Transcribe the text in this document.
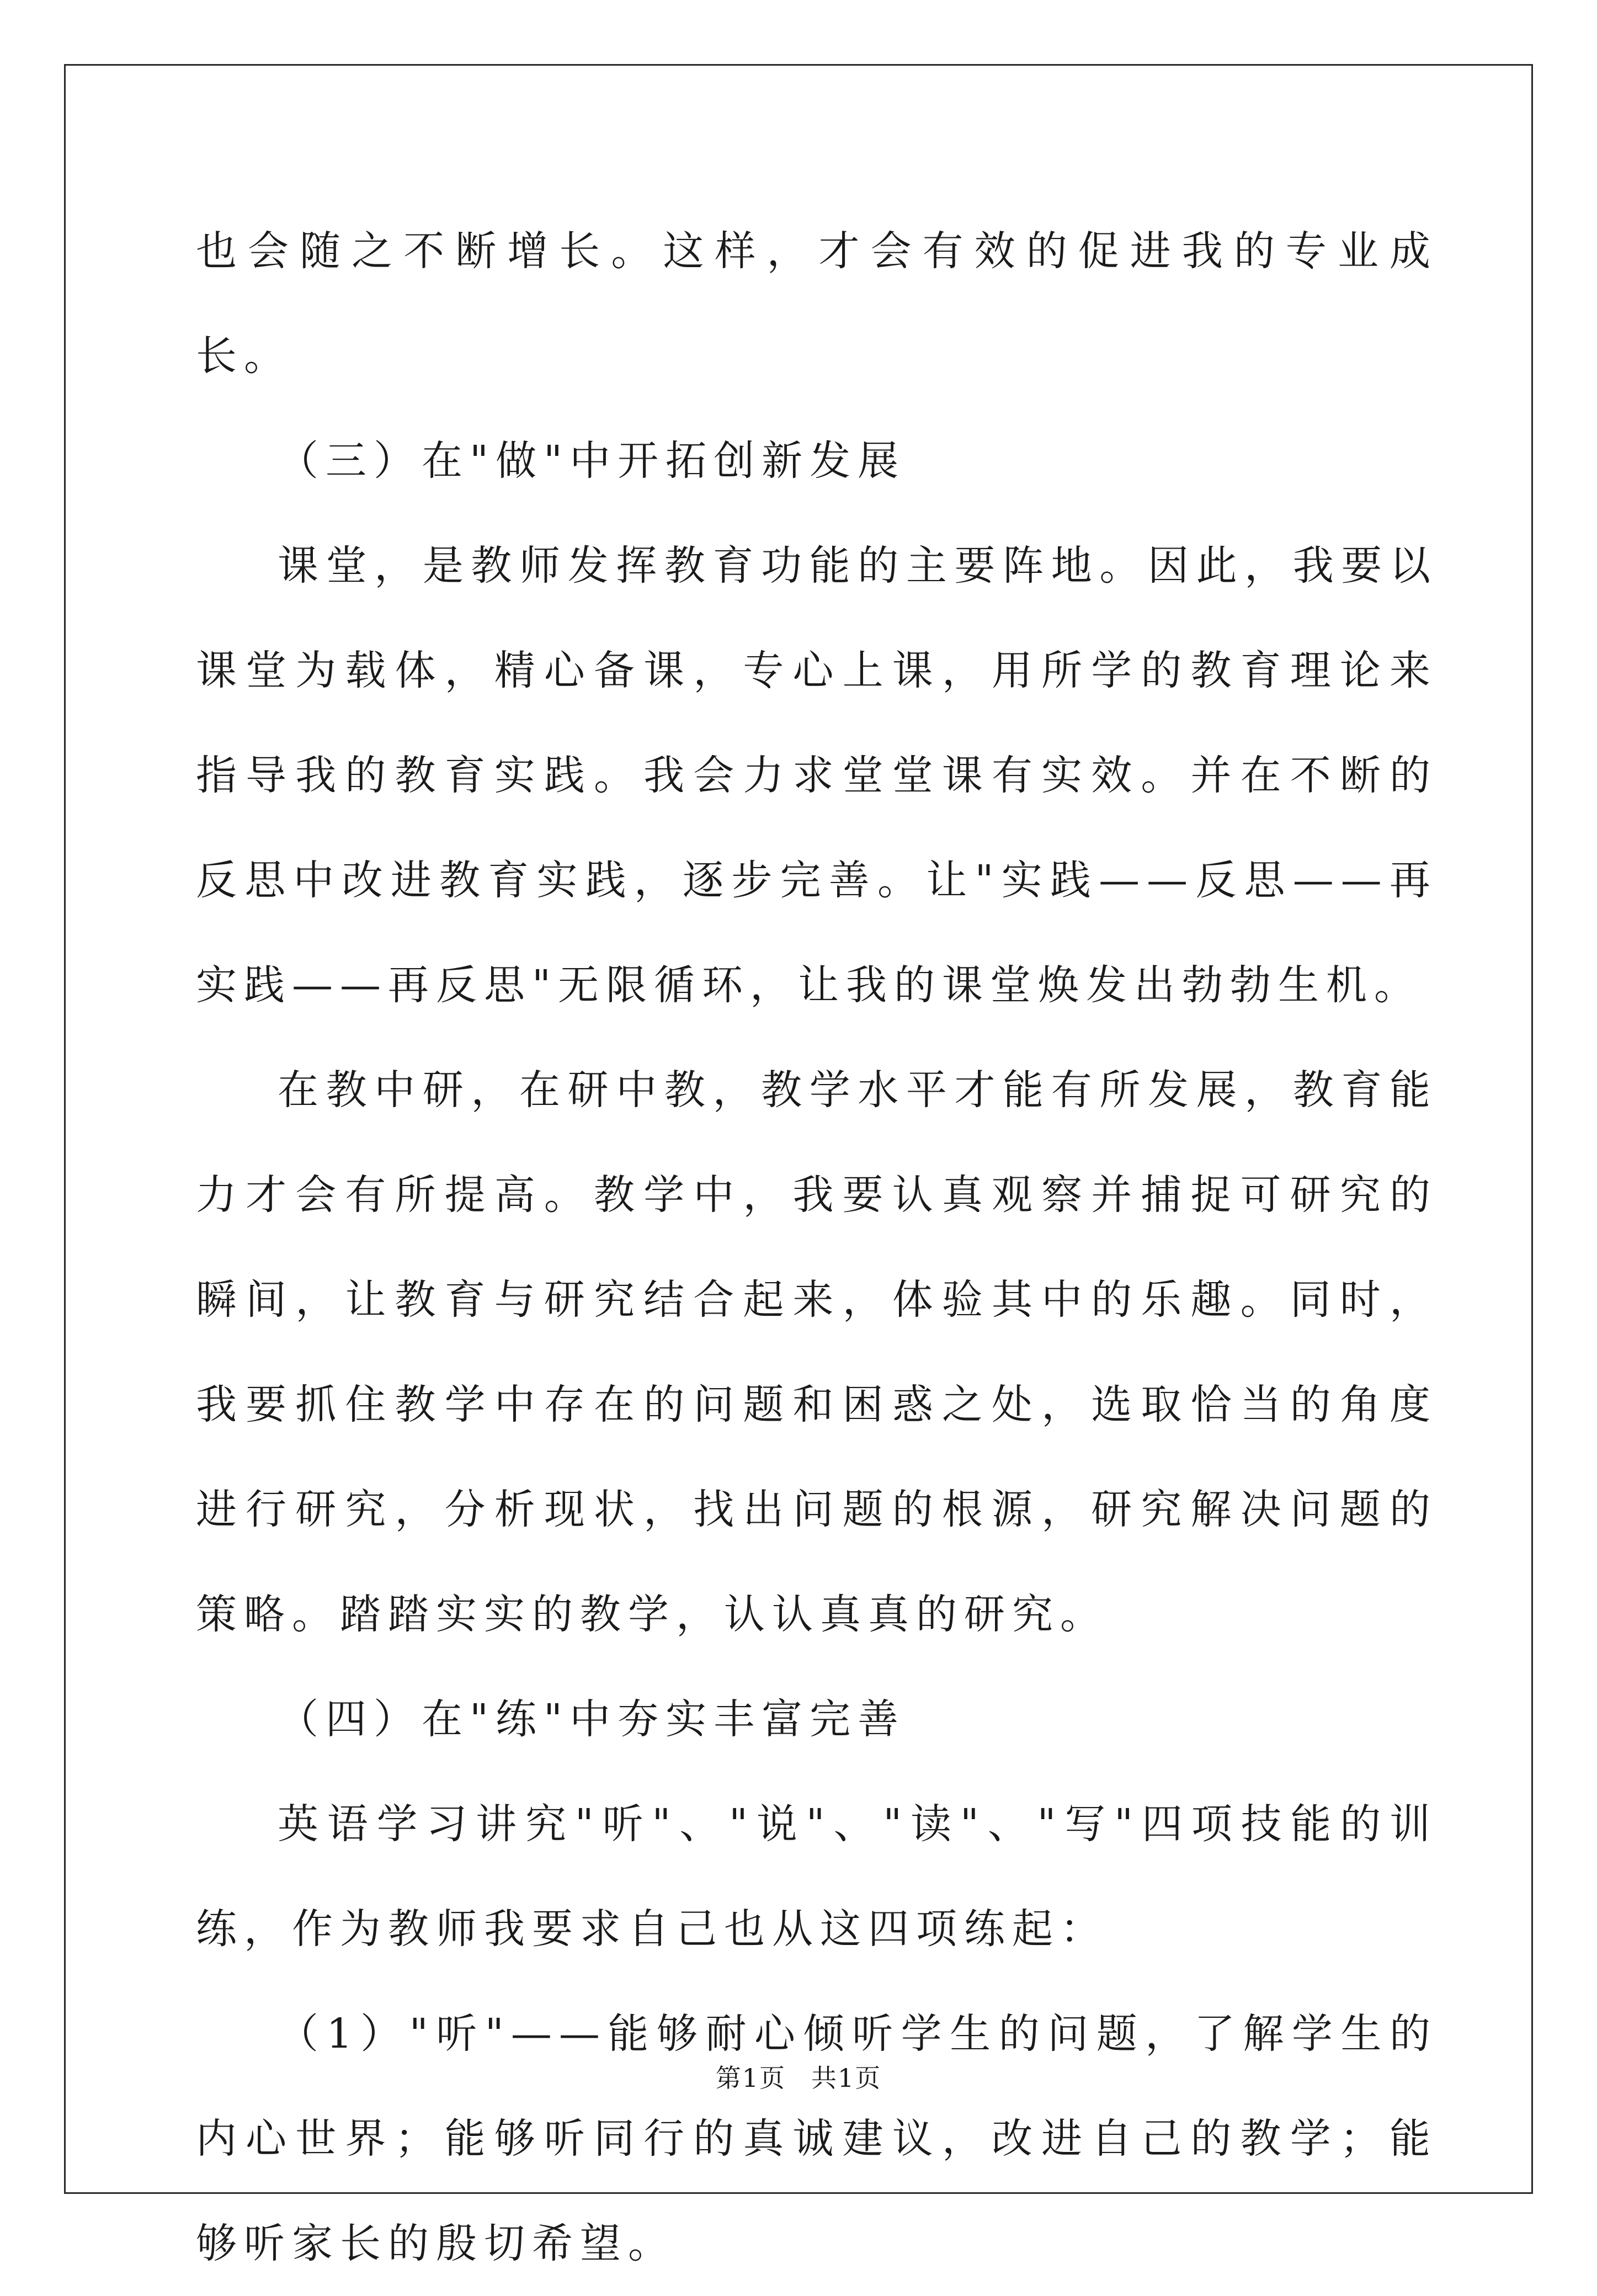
也会随之不断增长。这样，才会有效的促进我的专业成长。

（三）在"做"中开拓创新发展

课堂，是教师发挥教育功能的主要阵地。因此，我要以课堂为载体，精心备课，专心上课，用所学的教育理论来指导我的教育实践。我会力求堂堂课有实效。并在不断的反思中改进教育实践，逐步完善。让"实践——反思——再实践——再反思"无限循环，让我的课堂焕发出勃勃生机。

在教中研，在研中教，教学水平才能有所发展，教育能力才会有所提高。教学中，我要认真观察并捕捉可研究的瞬间，让教育与研究结合起来，体验其中的乐趣。同时，我要抓住教学中存在的问题和困惑之处，选取恰当的角度进行研究，分析现状，找出问题的根源，研究解决问题的策略。踏踏实实的教学，认认真真的研究。

（四）在"练"中夯实丰富完善

英语学习讲究"听"、"说"、"读"、"写"四项技能的训练，作为教师我要求自己也从这四项练起：

（1）"听"——能够耐心倾听学生的问题，了解学生的内心世界；能够听同行的真诚建议，改进自己的教学；能够听家长的殷切希望。

第1页 共1页
